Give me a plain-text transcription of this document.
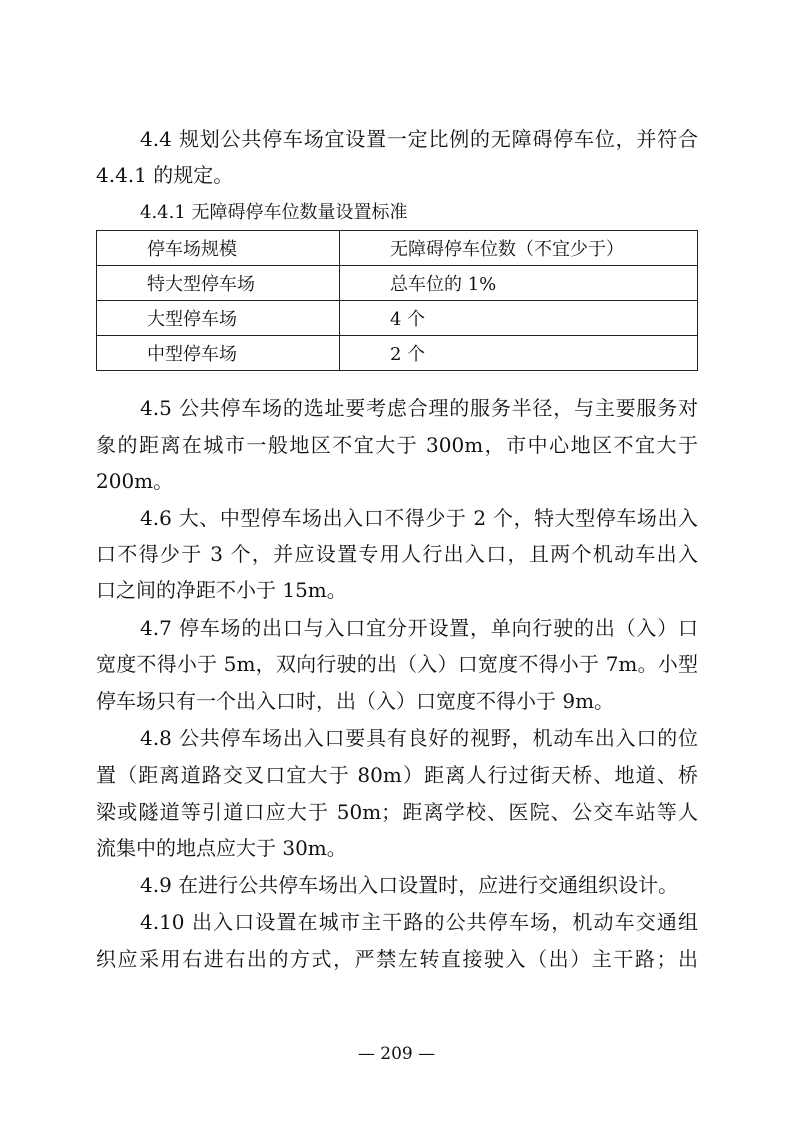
4.4 规划公共停车场宜设置一定比例的无障碍停车位，并符合
4.4.1 的规定。
4.4.1 无障碍停车位数量设置标准
停车场规模	无障碍停车位数（不宜少于）
特大型停车场	总车位的 1%
大型停车场	4 个
中型停车场	2 个
4.5 公共停车场的选址要考虑合理的服务半径，与主要服务对
象的距离在城市一般地区不宜大于 300m，市中心地区不宜大于
200m。
4.6 大、中型停车场出入口不得少于 2 个，特大型停车场出入
口不得少于 3 个，并应设置专用人行出入口，且两个机动车出入
口之间的净距不小于 15m。
4.7 停车场的出口与入口宜分开设置，单向行驶的出（入）口
宽度不得小于 5m，双向行驶的出（入）口宽度不得小于 7m。小型
停车场只有一个出入口时，出（入）口宽度不得小于 9m。
4.8 公共停车场出入口要具有良好的视野，机动车出入口的位
置（距离道路交叉口宜大于 80m）距离人行过街天桥、地道、桥
梁或隧道等引道口应大于 50m；距离学校、医院、公交车站等人
流集中的地点应大于 30m。
4.9 在进行公共停车场出入口设置时，应进行交通组织设计。
4.10 出入口设置在城市主干路的公共停车场，机动车交通组
织应采用右进右出的方式，严禁左转直接驶入（出）主干路；出
— 209 —
